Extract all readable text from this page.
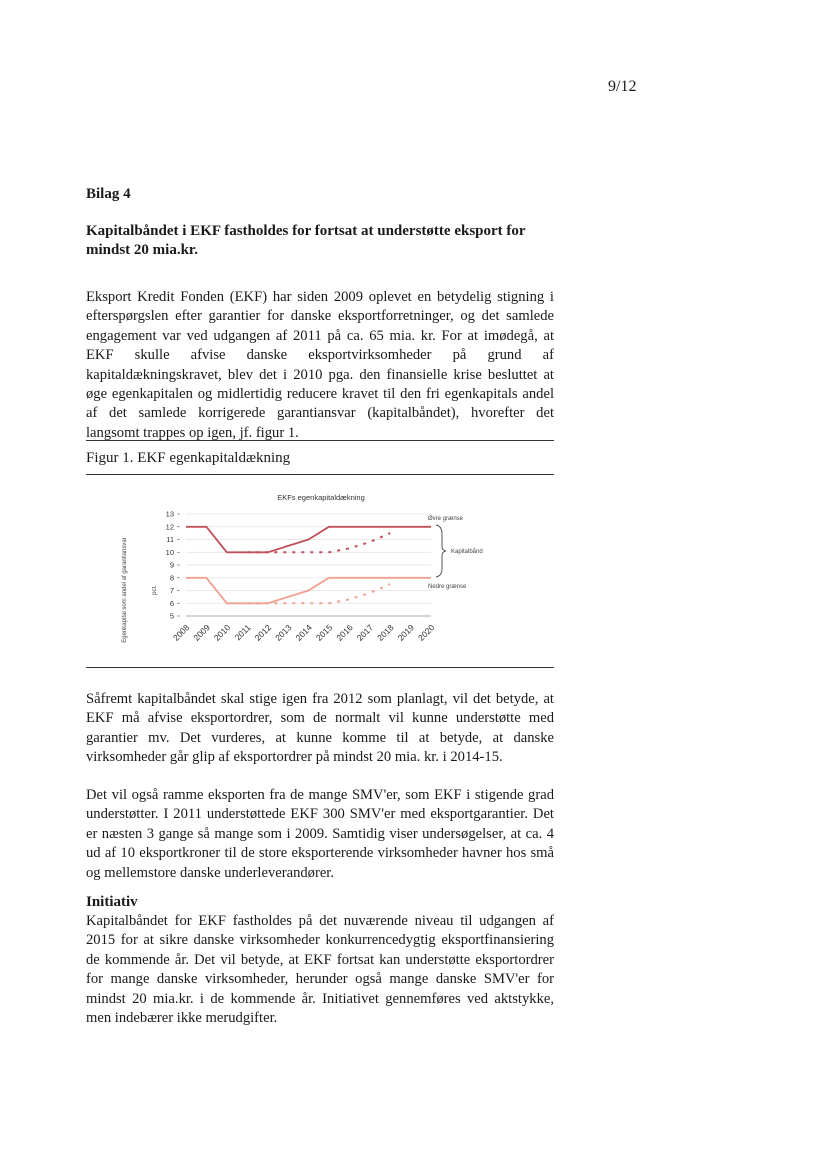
9/12
Bilag 4
Kapitalbåndet i EKF fastholdes for fortsat at understøtte eksport for mindst 20 mia.kr.
Eksport Kredit Fonden (EKF) har siden 2009 oplevet en betydelig stigning i efterspørgslen efter garantier for danske eksportforretninger, og det samlede engagement var ved udgangen af 2011 på ca. 65 mia. kr. For at imødegå, at EKF skulle afvise danske eksportvirksomheder på grund af kapitaldækningskravet, blev det i 2010 pga. den finansielle krise besluttet at øge egenkapitalen og midlertidig reducere kravet til den fri egenkapitals andel af det samlede korrigerede garantiansvar (kapitalbåndet), hvorefter det langsomt trappes op igen, jf. figur 1.
Figur 1. EKF egenkapitaldækning
EKFs egenkapitaldækning
Egenkapital som andel af garantiansvar	pct.
13
12
11
10
9
8
7
6
5
2008 2009 2010 2011 2012 2013 2014 2015 2016 2017 2018 2019 2020
Øvre grænse
Kapitalbånd
Nedre grænse
Såfremt kapitalbåndet skal stige igen fra 2012 som planlagt, vil det betyde, at EKF må afvise eksportordrer, som de normalt vil kunne understøtte med garantier mv. Det vurderes, at kunne komme til at betyde, at danske virksomheder går glip af eksportordrer på mindst 20 mia. kr. i 2014-15.
Det vil også ramme eksporten fra de mange SMV'er, som EKF i stigende grad understøtter. I 2011 understøttede EKF 300 SMV'er med eksportgarantier. Det er næsten 3 gange så mange som i 2009. Samtidig viser undersøgelser, at ca. 4 ud af 10 eksportkroner til de store eksporterende virksomheder havner hos små og mellemstore danske underleverandører.
Initiativ
Kapitalbåndet for EKF fastholdes på det nuværende niveau til udgangen af 2015 for at sikre danske virksomheder konkurrencedygtig eksportfinansiering de kommende år. Det vil betyde, at EKF fortsat kan understøtte eksportordrer for mange danske virksomheder, herunder også mange danske SMV'er for mindst 20 mia.kr. i de kommende år. Initiativet gennemføres ved aktstykke, men indebærer ikke merudgifter.
